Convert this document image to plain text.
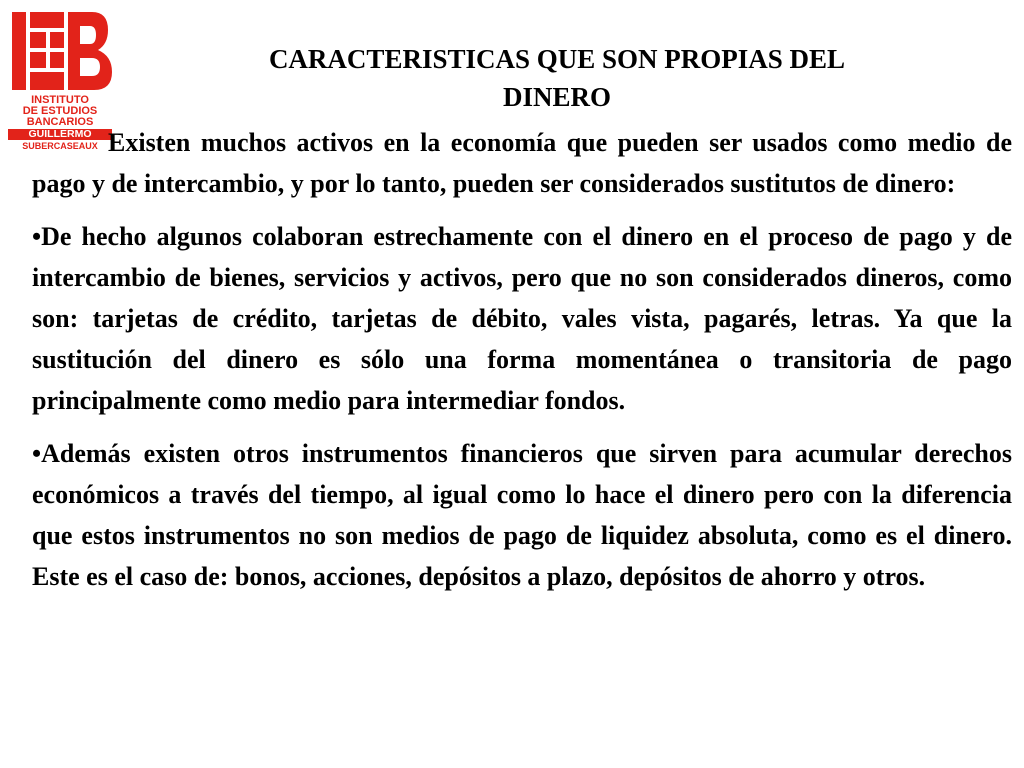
INSTITUTO
DE ESTUDIOS
BANCARIOS
GUILLERMO
SUBERCASEAUX
CARACTERISTICAS QUE SON PROPIAS DEL
DINERO

Existen muchos activos en la economía que pueden ser usados como medio de pago y de intercambio, y por lo tanto, pueden ser considerados sustitutos de dinero:

•De hecho algunos colaboran estrechamente con el dinero en el proceso de pago y de intercambio de bienes, servicios y activos, pero que no son considerados dineros, como son: tarjetas de crédito, tarjetas de débito, vales vista, pagarés, letras. Ya que la sustitución del dinero es sólo una forma momentánea o transitoria de pago principalmente como medio para intermediar fondos.

•Además existen otros instrumentos financieros que sirven para acumular derechos económicos a través del tiempo, al igual como lo hace el dinero pero con la diferencia que estos instrumentos no son medios de pago de liquidez absoluta, como es el dinero. Este es el caso de: bonos, acciones, depósitos a plazo, depósitos de ahorro y otros.
